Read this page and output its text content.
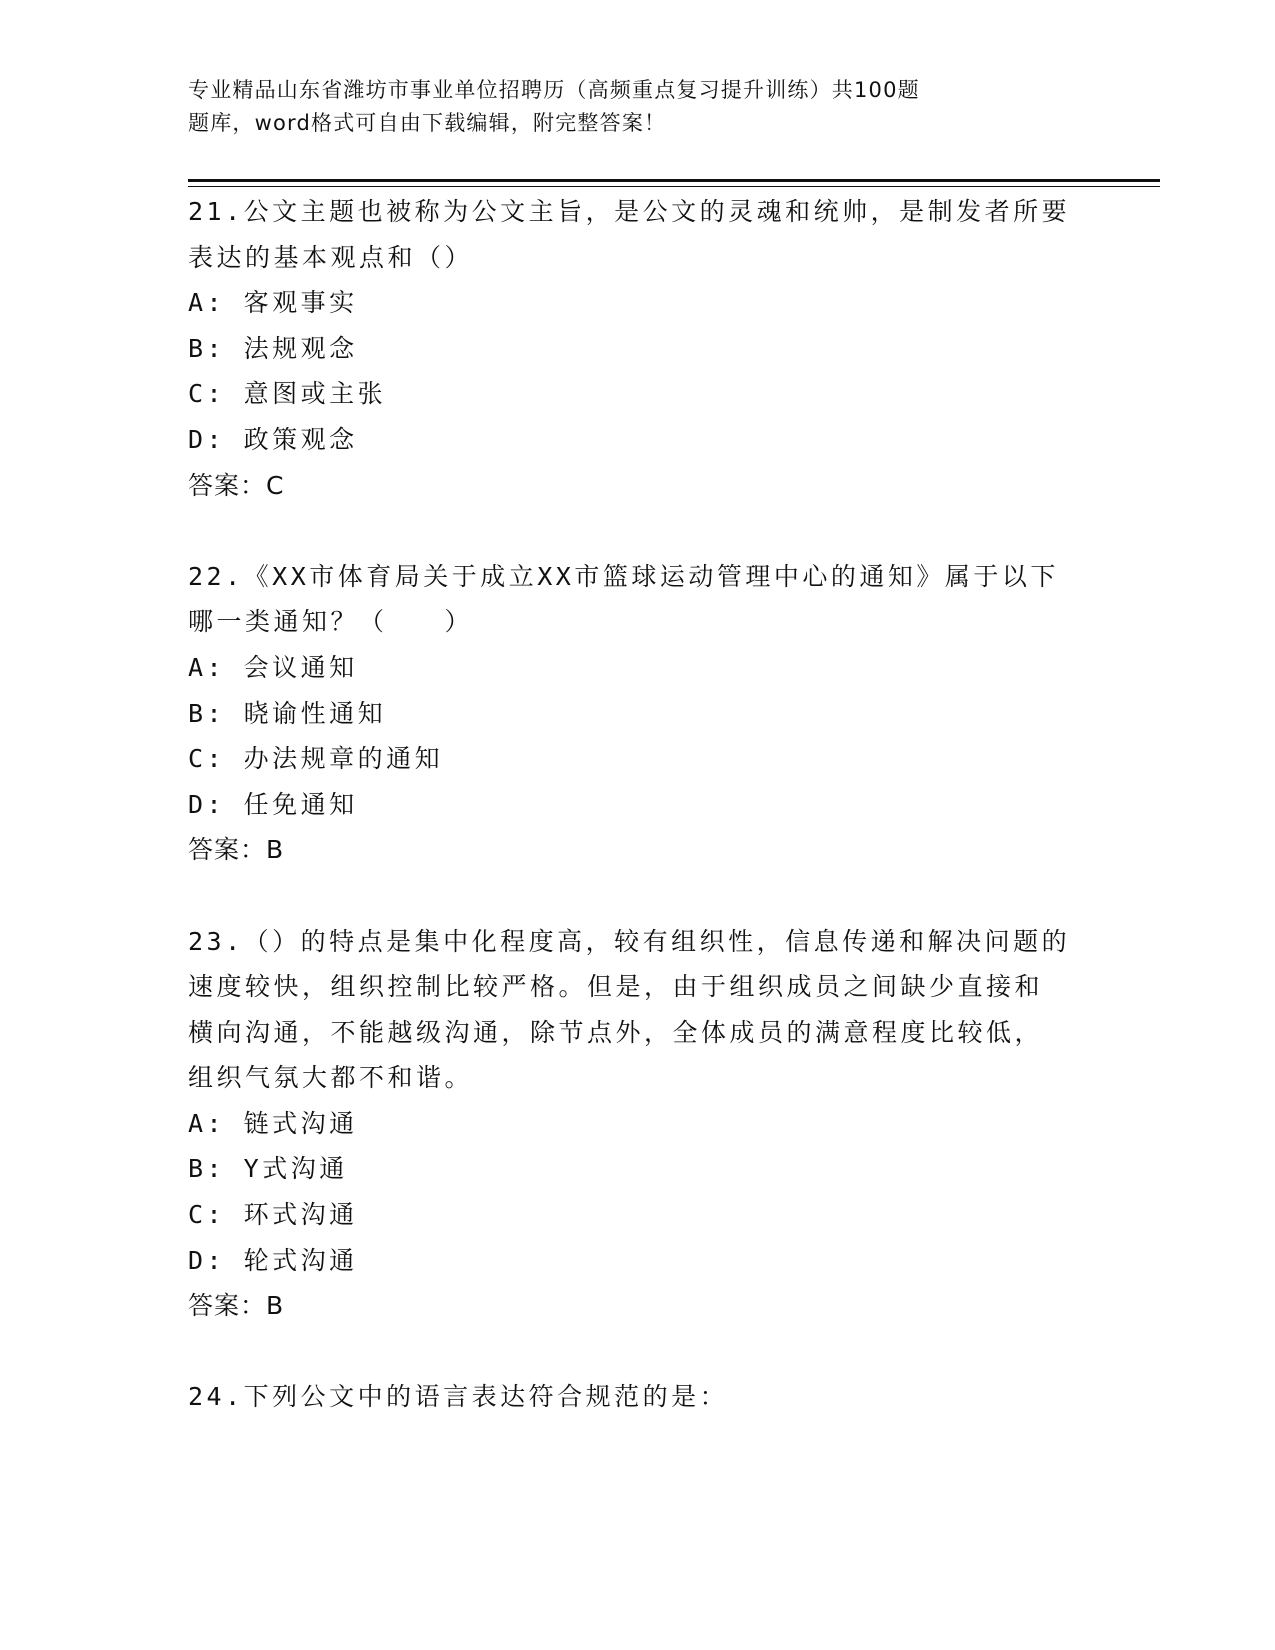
专业精品山东省潍坊市事业单位招聘历（高频重点复习提升训练）共100题
题库，word格式可自由下载编辑，附完整答案！
21.公文主题也被称为公文主旨，是公文的灵魂和统帅，是制发者所要
表达的基本观点和（）
A: 客观事实
B: 法规观念
C: 意图或主张
D: 政策观念
答案：C
22.《XX市体育局关于成立XX市篮球运动管理中心的通知》属于以下
哪一类通知？（　　）
A: 会议通知
B: 晓谕性通知
C: 办法规章的通知
D: 任免通知
答案：B
23.（）的特点是集中化程度高，较有组织性，信息传递和解决问题的
速度较快，组织控制比较严格。但是，由于组织成员之间缺少直接和
横向沟通，不能越级沟通，除节点外，全体成员的满意程度比较低，
组织气氛大都不和谐。
A: 链式沟通
B: Y式沟通
C: 环式沟通
D: 轮式沟通
答案：B
24.下列公文中的语言表达符合规范的是：
